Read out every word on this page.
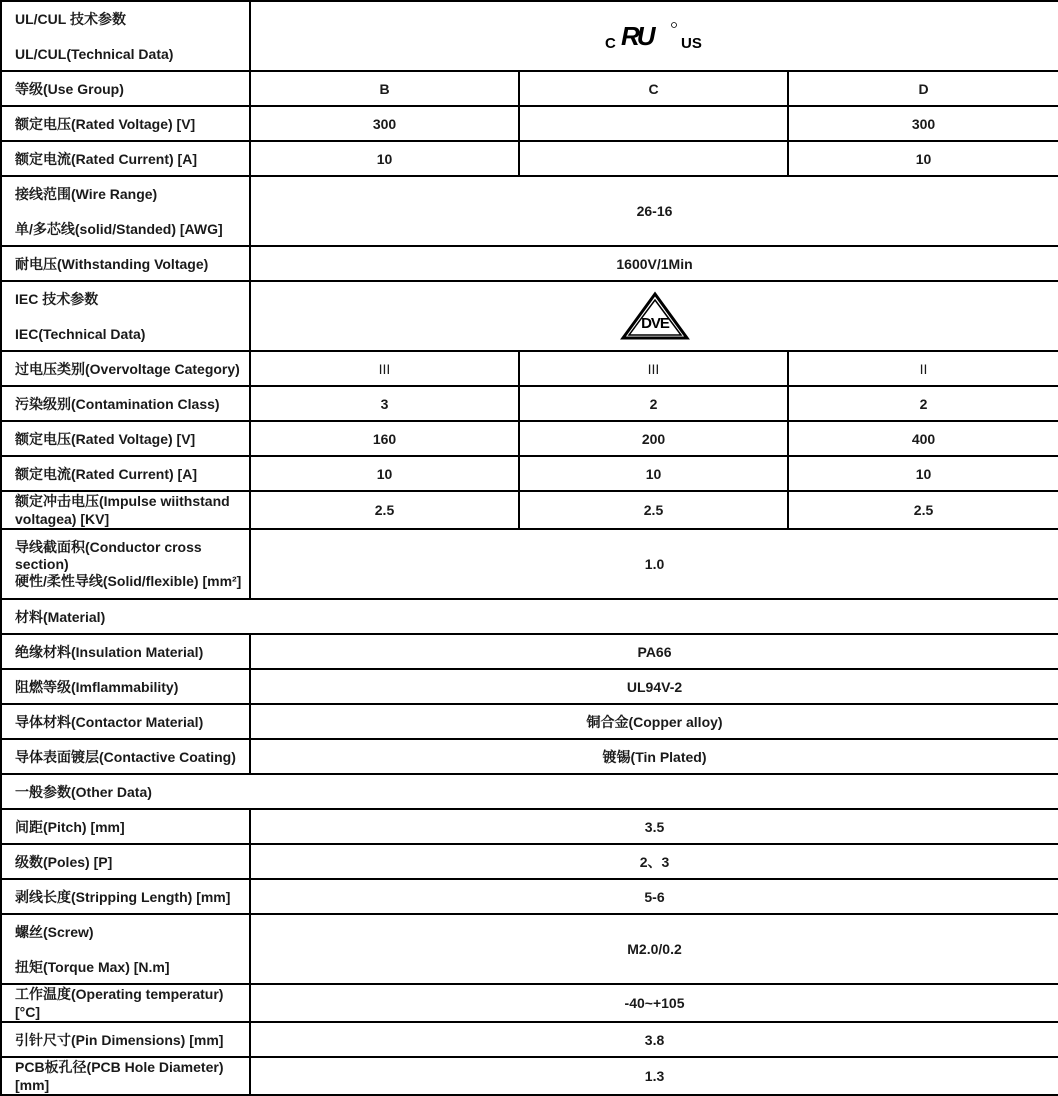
UL/CUL 技术参数
UL/CUL(Technical Data)	C RU US		

等级(Use Group)	B	C	D
额定电压(Rated Voltage) [V]	300		300
额定电流(Rated Current) [A]	10		10

接线范围(Wire Range)
单/多芯线(solid/Standed) [AWG]	26-16		
耐电压(Withstanding Voltage)	1600V/1Min		

IEC 技术参数
IEC(Technical Data)	DVE		

过电压类别(Overvoltage Category)	III	III	II
污染级别(Contamination Class)	3	2	2
额定电压(Rated Voltage) [V]	160	200	400
额定电流(Rated Current) [A]	10	10	10
额定冲击电压(Impulse wiithstand voltagea) [KV]	2.5	2.5	2.5

导线截面积(Conductor cross section)
硬性/柔性导线(Solid/flexible) [mm²]	1.0		
材料(Material)			
绝缘材料(Insulation Material)	PA66		
阻燃等级(Imflammability)	UL94V-2		
导体材料(Contactor Material)	铜合金(Copper alloy)		
导体表面镀层(Contactive Coating)	镀锡(Tin Plated)		
一般参数(Other Data)			
间距(Pitch) [mm]	3.5		
级数(Poles) [P]	2、3		
剥线长度(Stripping Length) [mm]	5-6		

螺丝(Screw)
扭矩(Torque Max) [N.m]	M2.0/0.2		
工作温度(Operating temperatur) [°C]	-40~+105		
引针尺寸(Pin Dimensions) [mm]	3.8		
PCB板孔径(PCB Hole Diameter) [mm]	1.3		
